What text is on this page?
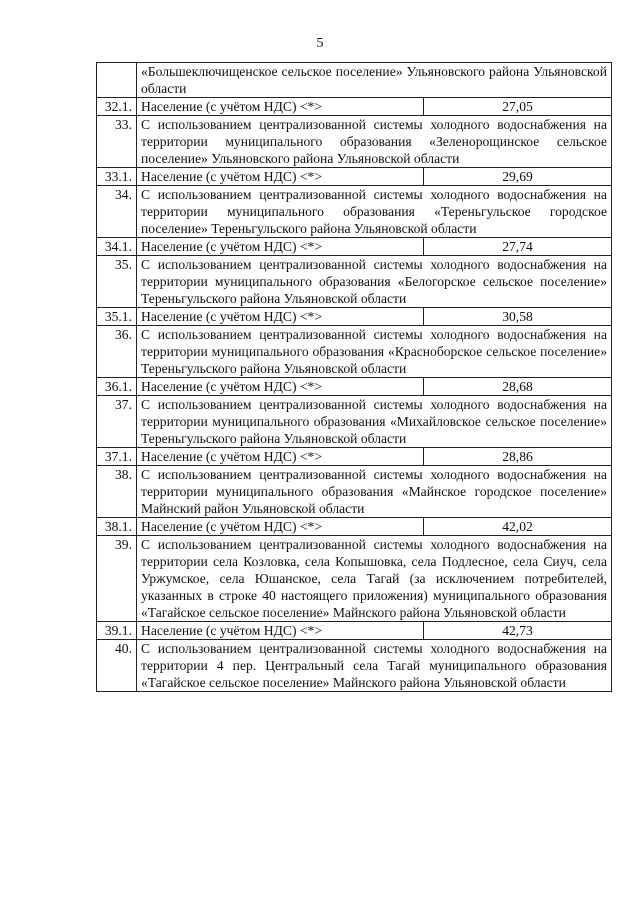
5
	«Большеключищенское сельское поселение» Ульяновского района Ульяновской области	
32.1.	Население (с учётом НДС) <*>	27,05
33.	С использованием централизованной системы холодного водоснабжения на территории муниципального образования «Зеленорощинское сельское поселение» Ульяновского района Ульяновской области	
33.1.	Население (с учётом НДС) <*>	29,69
34.	С использованием централизованной системы холодного водоснабжения на территории муниципального образования «Тереньгульское городское поселение» Тереньгульского района Ульяновской области	
34.1.	Население (с учётом НДС) <*>	27,74
35.	С использованием централизованной системы холодного водоснабжения на территории муниципального образования «Белогорское сельское поселение» Тереньгульского района Ульяновской области	
35.1.	Население (с учётом НДС) <*>	30,58
36.	С использованием централизованной системы холодного водоснабжения на территории муниципального образования «Красноборское сельское поселение» Тереньгульского района Ульяновской области	
36.1.	Население (с учётом НДС) <*>	28,68
37.	С использованием централизованной системы холодного водоснабжения на территории муниципального образования «Михайловское сельское поселение» Тереньгульского района Ульяновской области	
37.1.	Население (с учётом НДС) <*>	28,86
38.	С использованием централизованной системы холодного водоснабжения на территории муниципального образования «Майнское городское поселение» Майнский район Ульяновской области	
38.1.	Население (с учётом НДС) <*>	42,02
39.	С использованием централизованной системы холодного водоснабжения на территории села Козловка, села Копышовка, села Подлесное, села Сиуч, села Уржумское, села Юшанское, села Тагай (за исключением потребителей, указанных в строке 40 настоящего приложения) муниципального образования «Тагайское сельское поселение» Майнского района Ульяновской области	
39.1.	Население (с учётом НДС) <*>	42,73
40.	С использованием централизованной системы холодного водоснабжения на территории 4 пер. Центральный села Тагай муниципального образования «Тагайское сельское поселение» Майнского района Ульяновской области	
